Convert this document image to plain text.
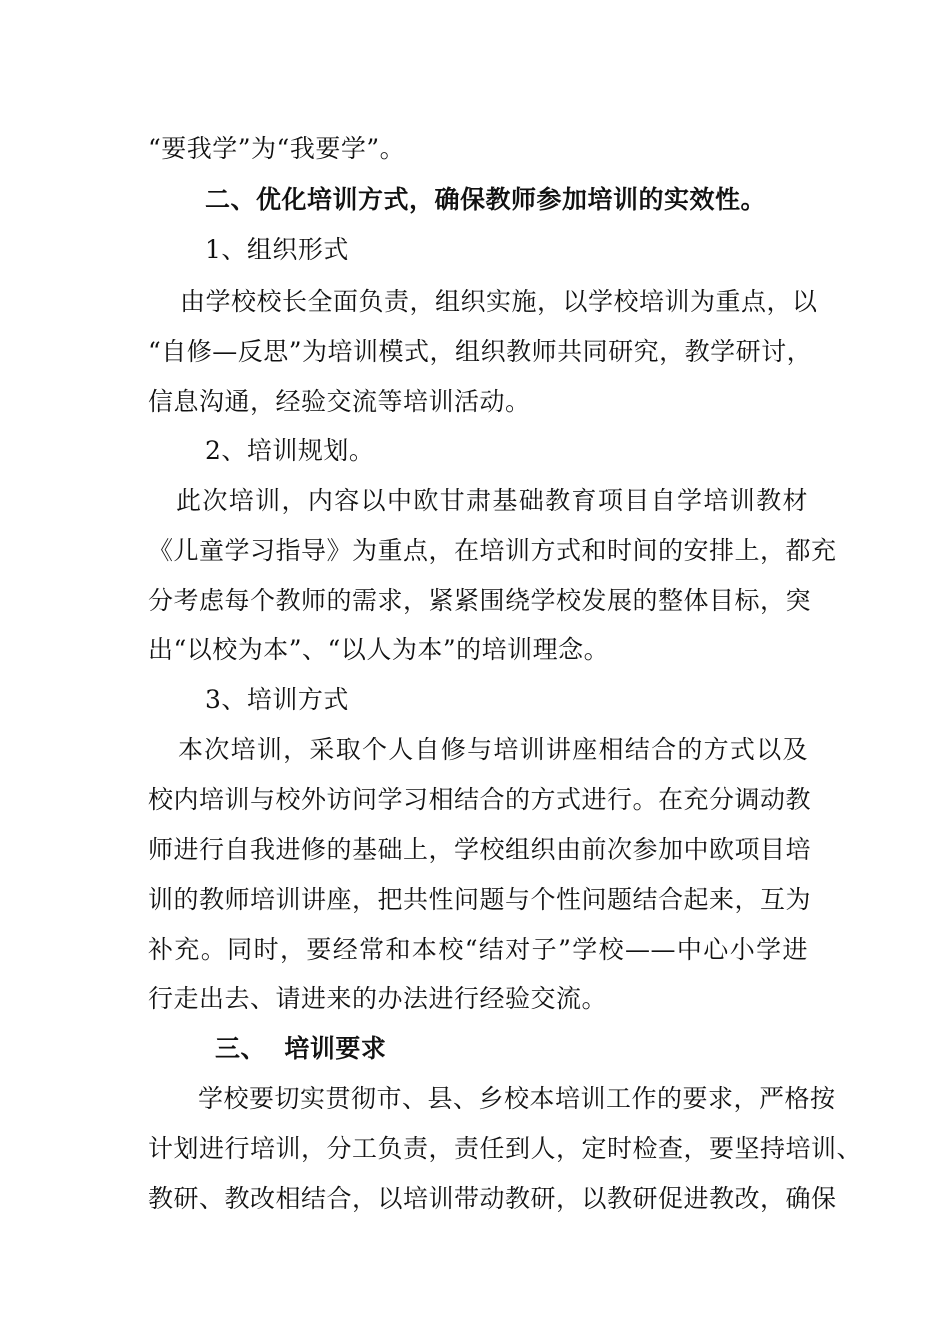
“要我学”为“我要学”。
二、优化培训方式，确保教师参加培训的实效性。
1、组织形式
由学校校长全面负责，组织实施，以学校培训为重点，以
“自修—反思”为培训模式，组织教师共同研究，教学研讨，
信息沟通，经验交流等培训活动。
2、培训规划。
此次培训，内容以中欧甘肃基础教育项目自学培训教材
《儿童学习指导》为重点，在培训方式和时间的安排上，都充
分考虑每个教师的需求，紧紧围绕学校发展的整体目标，突
出“以校为本”、“以人为本”的培训理念。
3、培训方式
本次培训，采取个人自修与培训讲座相结合的方式以及
校内培训与校外访问学习相结合的方式进行。在充分调动教
师进行自我进修的基础上，学校组织由前次参加中欧项目培
训的教师培训讲座，把共性问题与个性问题结合起来，互为
补充。同时，要经常和本校“结对子”学校——中心小学进
行走出去、请进来的办法进行经验交流。
三、  培训要求
学校要切实贯彻市、县、乡校本培训工作的要求，严格按
计划进行培训，分工负责，责任到人，定时检查，要坚持培训、
教研、教改相结合，以培训带动教研，以教研促进教改，确保
